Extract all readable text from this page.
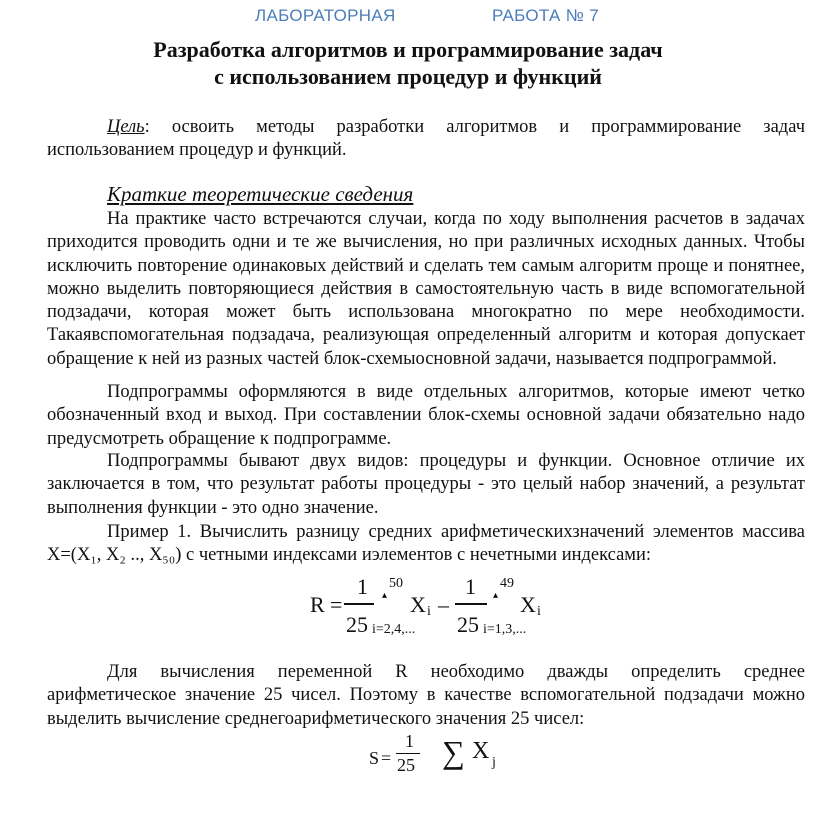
ЛАБОРАТОРНАЯ	РАБОТА № 7
Разработка алгоритмов и программирование задач
с использованием процедур и функций
Цель: освоить методы разработки алгоритмов и программирование задач использованием процедур и функций.
Краткие теоретические сведения
На практике часто встречаются случаи, когда по ходу выполнения расчетов в задачах приходится проводить одни и те же вычисления, но при различных исходных данных. Чтобы исключить повторение одинаковых действий и сделать тем самым алгоритм проще и понятнее, можно выделить повторяющиеся действия в самостоятельную часть в виде вспомогательной подзадачи, которая может быть использована многократно по мере необходимости. Такаявспомогательная подзадача, реализующая определенный алгоритм и которая допускает обращение к ней из разных частей блок-схемыосновной задачи, называется подпрограммой.
Подпрограммы оформляются в виде отдельных алгоритмов, которые имеют четко обозначенный вход и выход. При составлении блок-схемы основной задачи обязательно надо предусмотреть обращение к подпрограмме.
Подпрограммы бывают двух видов: процедуры и функции. Основное отличие их заключается в том, что результат работы процедуры - это целый набор значений, а результат выполнения функции - это одно значение.
Пример 1. Вычислить разницу средних арифметическихзначений элементов массива X=(X₁, X₂ .., X₅₀) с четными индексами иэлементов с нечетными индексами:
R =
1
25
50
▴
i=2,4,...
X i –
1
25
49
▴
i=1,3,...
X i
Для вычисления переменной R необходимо дважды определить среднее арифметическое значение 25 чисел. Поэтому в качестве вспомогательной подзадачи можно выделить вычисление среднегоарифметического значения 25 чисел:
S =
1
25 ∑ X j
